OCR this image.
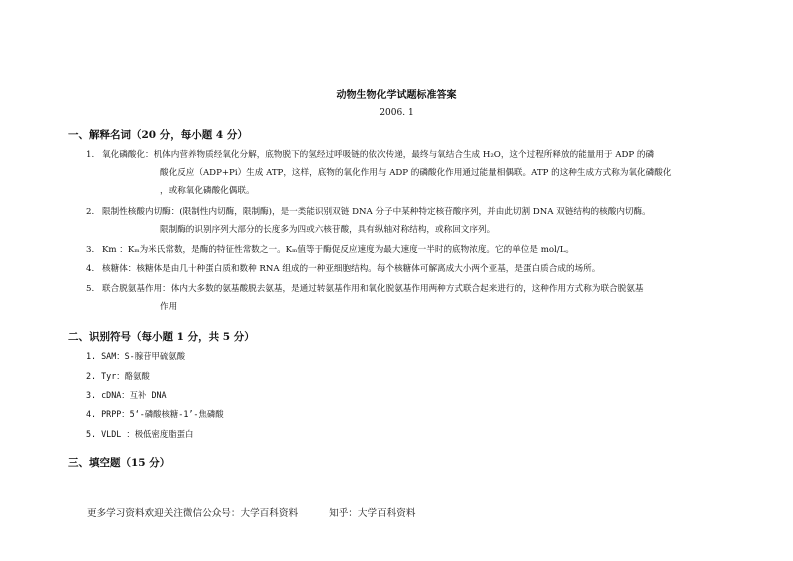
动物生物化学试题标准答案
2006. 1
一、解释名词（20 分，每小题 4 分）
1. 氧化磷酸化：机体内营养物质经氧化分解，底物脱下的氢经过呼吸链的依次传递，最终与氧结合生成 H₂O，这个过程所释放的能量用于 ADP 的磷
酸化反应（ADP+Pi）生成 ATP，这样，底物的氧化作用与 ADP 的磷酸化作用通过能量相偶联。ATP 的这种生成方式称为氧化磷酸化
，或称氧化磷酸化偶联。
2. 限制性核酸内切酶：(限制性内切酶，限制酶)，是一类能识别双链 DNA 分子中某种特定核苷酸序列，并由此切割 DNA 双链结构的核酸内切酶。
限制酶的识别序列大部分的长度多为四或六核苷酸，具有纵轴对称结构，或称回文序列。
3. Km ：Kₘ为米氏常数，是酶的特征性常数之一。Kₘ值等于酶促反应速度为最大速度一半时的底物浓度。它的单位是 mol/L。
4. 核糖体：核糖体是由几十种蛋白质和数种 RNA 组成的一种亚细胞结构。每个核糖体可解离成大小两个亚基，是蛋白质合成的场所。
5. 联合脱氨基作用：体内大多数的氨基酸脱去氨基，是通过转氨基作用和氧化脱氨基作用两种方式联合起来进行的，这种作用方式称为联合脱氨基
作用
二、识别符号（每小题 1 分，共 5 分）
1. SAM：S-腺苷甲硫氨酸
2. Tyr：酪氨酸
3. cDNA：互补 DNA
4. PRPP：5‘-磷酸核糖-1’-焦磷酸
5. VLDL ：极低密度脂蛋白
三、填空题（15 分）
更多学习资料欢迎关注微信公众号：大学百科资料	知乎：大学百科资料
